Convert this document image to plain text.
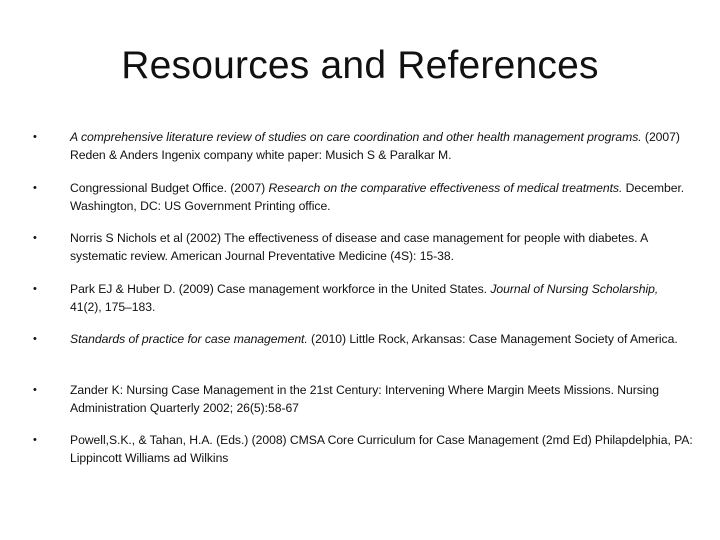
Resources and References
•	A comprehensive literature review of studies on care coordination and other health management programs. (2007) Reden & Anders Ingenix company white paper: Musich S & Paralkar M.
•	Congressional Budget Office. (2007) Research on the comparative effectiveness of medical treatments. December. Washington, DC: US Government Printing office.
•	Norris S Nichols et al (2002) The effectiveness of disease and case management for people with diabetes. A systematic review. American Journal Preventative Medicine (4S): 15-38.
•	Park EJ & Huber D. (2009) Case management workforce in the United States. Journal of Nursing Scholarship, 41(2), 175–183.
•	Standards of practice for case management. (2010) Little Rock, Arkansas: Case Management Society of America.
•	Zander K: Nursing Case Management in the 21st Century: Intervening Where Margin Meets Missions. Nursing Administration Quarterly 2002; 26(5):58-67
•	Powell,S.K., & Tahan, H.A. (Eds.) (2008) CMSA Core Curriculum for Case Management (2md Ed) Philapdelphia, PA: Lippincott Williams ad Wilkins
